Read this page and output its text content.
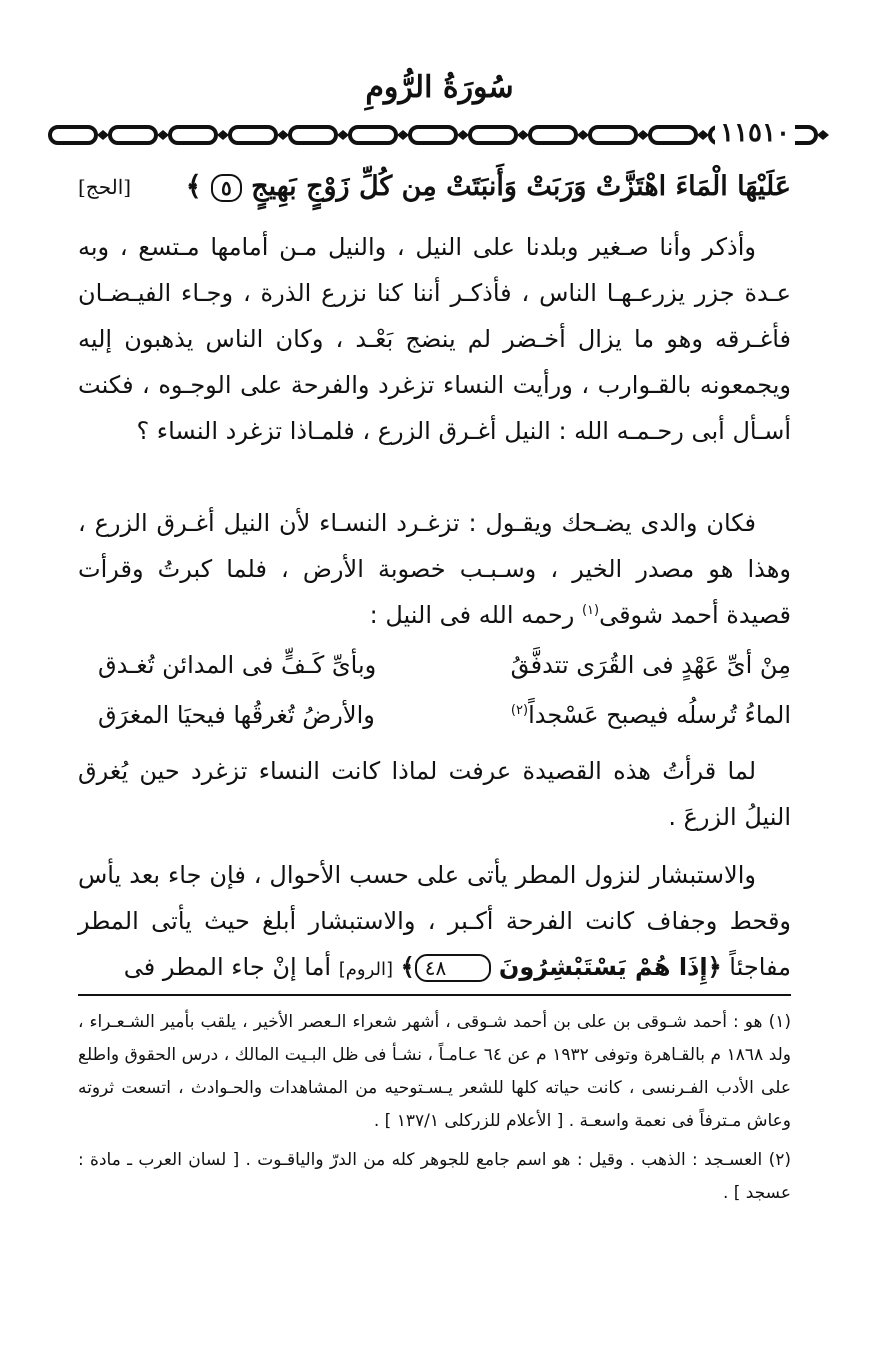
سُورَةُ الرُّومِ
١١٥١٠
عَلَيْهَا الْمَاءَ اهْتَزَّتْ وَرَبَتْ وَأَنبَتَتْ مِن كُلِّ زَوْجٍ بَهِيجٍ ٥ ﴾
[الحج]
وأذكر وأنا صـغير وبلدنا على النيل ، والنيل مـن أمامها مـتسع ، وبه عـدة جزر يزرعـهـا الناس ، فأذكـر أننا كنا نزرع الذرة ، وجـاء الفيـضـان فأغـرقه وهو ما يزال أخـضر لم ينضج بَعْـد ، وكان الناس يذهبون إليه ويجمعونه بالقـوارب ، ورأيت النساء تزغرد والفرحة على الوجـوه ، فكنت أسـأل أبى رحـمـه الله : النيل أغـرق الزرع ، فلمـاذا تزغرد النساء ؟
فكان والدى يضـحك ويقـول : تزغـرد النسـاء لأن النيل أغـرق الزرع ، وهذا هو مصدر الخير ، وسـبـب خصوبة الأرض ، فلما كبرتُ وقرأت قصيدة أحمد شوقى$^{(١)}$ رحمه الله فى النيل :
مِنْ أىِّ عَهْدٍ فى القُرَى تتدفَّقُ
وبأىِّ كَـفٍّ فى المدائن تُغـدق
الماءُ تُرسلُه فيصبح عَسْجداً$^{(٢)}$
والأرضُ تُغرقُها فيحيَا المغرَق
لما قرأتُ هذه القصيدة عرفت لماذا كانت النساء تزغرد حين يُغرق النيلُ الزرعَ .
والاستبشار لنزول المطر يأتى على حسب الأحوال ، فإن جاء بعد يأس وقحط وجفاف كانت الفرحة أكـبر ، والاستبشار أبلغ حيث يأتى المطر مفاجئاً ﴿إِذَا هُمْ يَسْتَبْشِرُونَ ٤٨﴾ [الروم] أما إنْ جاء المطر فى
(١) هو : أحمد شـوقى بن على بن أحمد شـوقى ، أشهر شعراء الـعصر الأخير ، يلقب بأمير الشـعـراء ، ولد ١٨٦٨ م بالقـاهرة وتوفى ١٩٣٢ م عن ٦٤ عـامـاً ، نشـأ فى ظل البـيت المالك ، درس الحقوق واطلع على الأدب الفـرنسى ، كانت حياته كلها للشعر يـسـتوحيه من المشاهدات والحـوادث ، اتسعت ثروته وعاش مـترفاً فى نعمة واسعـة . [ الأعلام للزركلى ١٣٧/١ ] .
(٢) العسـجد : الذهب . وقيل : هو اسم جامع للجوهر كله من الدرّ والياقـوت . [ لسان العرب ـ مادة : عسجد ] .
